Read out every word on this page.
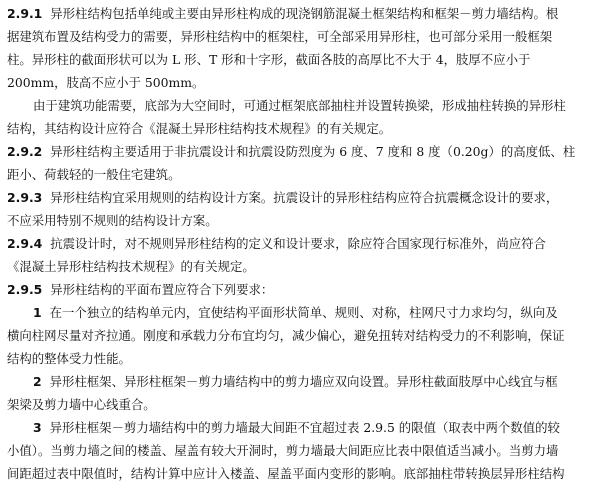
2.9.1 异形柱结构包括单纯或主要由异形柱构成的现浇钢筋混凝土框架结构和框架－剪力墙结构。根
据建筑布置及结构受力的需要，异形柱结构中的框架柱，可全部采用异形柱，也可部分采用一般框架
柱。异形柱的截面形状可以为 L 形、T 形和十字形，截面各肢的高厚比不大于 4，肢厚不应小于
200mm，肢高不应小于 500mm。
由于建筑功能需要，底部为大空间时，可通过框架底部抽柱并设置转换梁，形成抽柱转换的异形柱
结构，其结构设计应符合《混凝土异形柱结构技术规程》的有关规定。
2.9.2 异形柱结构主要适用于非抗震设计和抗震设防烈度为 6 度、7 度和 8 度（0.20g）的高度低、柱
距小、荷载轻的一般住宅建筑。
2.9.3 异形柱结构宜采用规则的结构设计方案。抗震设计的异形柱结构应符合抗震概念设计的要求，
不应采用特别不规则的结构设计方案。
2.9.4 抗震设计时，对不规则异形柱结构的定义和设计要求，除应符合国家现行标准外，尚应符合
《混凝土异形柱结构技术规程》的有关规定。
2.9.5 异形柱结构的平面布置应符合下列要求：
1 在一个独立的结构单元内，宜使结构平面形状简单、规则、对称，柱网尺寸力求均匀，纵向及
横向柱网尽量对齐拉通。刚度和承载力分布宜均匀，减少偏心，避免扭转对结构受力的不利影响，保证
结构的整体受力性能。
2 异形柱框架、异形柱框架－剪力墙结构中的剪力墙应双向设置。异形柱截面肢厚中心线宜与框
架梁及剪力墙中心线重合。
3 异形柱框架－剪力墙结构中的剪力墙最大间距不宜超过表 2.9.5 的限值（取表中两个数值的较
小值）。当剪力墙之间的楼盖、屋盖有较大开洞时，剪力墙最大间距应比表中限值适当减小。当剪力墙
间距超过表中限值时，结构计算中应计入楼盖、屋盖平面内变形的影响。底部抽柱带转换层异形柱结构
